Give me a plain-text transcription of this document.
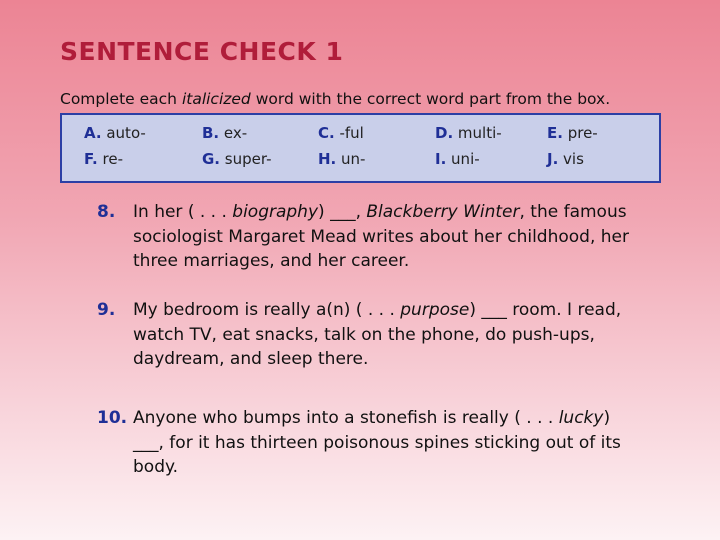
SENTENCE CHECK 1
Complete each italicized word with the correct word part from the box.
A. auto-	B. ex-	C. -ful	D. multi-	E. pre-
F. re-	G. super-	H. un-	I. uni-	J. vis
8. In her ( . . . biography) ___, Blackberry Winter, the famous
sociologist Margaret Mead writes about her childhood, her
three marriages, and her career.
9. My bedroom is really a(n) ( . . . purpose) ___ room. I read,
watch TV, eat snacks, talk on the phone, do push-ups,
daydream, and sleep there.
10. Anyone who bumps into a stonefish is really ( . . . lucky)
___, for it has thirteen poisonous spines sticking out of its
body.
